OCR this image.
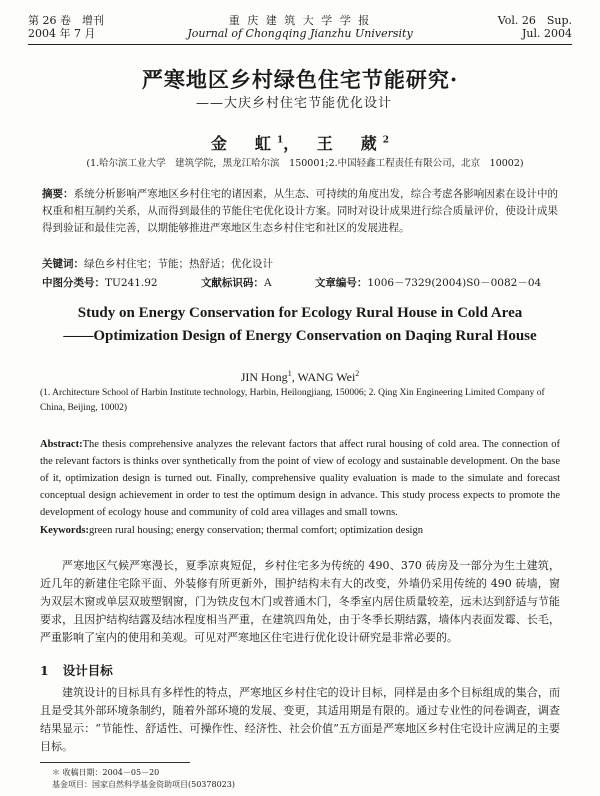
第 26 卷　增刊
2004 年 7 月
重 庆 建 筑 大 学 学 报
Journal of Chongqing Jianzhu University
Vol. 26　Sup.
Jul. 2004
严寒地区乡村绿色住宅节能研究·
——大庆乡村住宅节能优化设计
金　虹$^1$， 王　葳$^2$
(1.哈尔滨工业大学　建筑学院，黑龙江哈尔滨　150001;2.中国轻鑫工程责任有限公司，北京　10002)
摘要：系统分析影响严寒地区乡村住宅的诸因素，从生态、可持续的角度出发，综合考虑各影响因素在设计中的权重和相互制约关系，从而得到最佳的节能住宅优化设计方案。同时对设计成果进行综合质量评价，使设计成果得到验证和最佳完善，以期能够推进严寒地区生态乡村住宅和社区的发展进程。
关键词：绿色乡村住宅；节能；热舒适；优化设计
中图分类号：TU241.92	文献标识码：A	文章编号：1006－7329(2004)S0－0082－04
Study on Energy Conservation for Ecology Rural House in Cold Area
——Optimization Design of Energy Conservation on Daqing Rural House
JIN Hong$^1$, WANG Wei$^2$
(1. Architecture School of Harbin Institute technology, Harbin, Heilongjiang, 150006; 2. Qing Xin Engineering Limited Company of China, Beijing, 10002)
Abstract:The thesis comprehensive analyzes the relevant factors that affect rural housing of cold area. The connection of the relevant factors is thinks over synthetically from the point of view of ecology and sustainable development. On the base of it, optimization design is turned out. Finally, comprehensive quality evaluation is made to the simulate and forecast conceptual design achievement in order to test the optimum design in advance. This study process expects to promote the development of ecology house and community of cold area villages and small towns.
Keywords:green rural housing; energy conservation; thermal comfort; optimization design
严寒地区气候严寒漫长，夏季凉爽短促，乡村住宅多为传统的 490、370 砖房及一部分为生土建筑，近几年的新建住宅除平面、外装修有所更新外，围护结构未有大的改变，外墙仍采用传统的 490 砖墙，窗为双层木窗或单层双玻塑钢窗，门为铁皮包木门或普通木门，冬季室内居住质量较差，远未达到舒适与节能要求，且因护结构结露及结冰程度相当严重，在建筑四角处，由于冬季长期结露，墙体内表面发霉、长毛，严重影响了室内的使用和美观。可见对严寒地区住宅进行优化设计研究是非常必要的。
1 设计目标
建筑设计的目标具有多样性的特点，严寒地区乡村住宅的设计目标，同样是由多个目标组成的集合，而且是受其外部环境条制约，随着外部环境的发展、变更，其适用期是有限的。通过专业性的问卷调查，调查结果显示：“节能性、舒适性、可操作性、经济性、社会价值”五方面是严寒地区乡村住宅设计应满足的主要目标。
＊ 收稿日期：2004－05－20
基金项目：国家自然科学基金资助项目(50378023)
